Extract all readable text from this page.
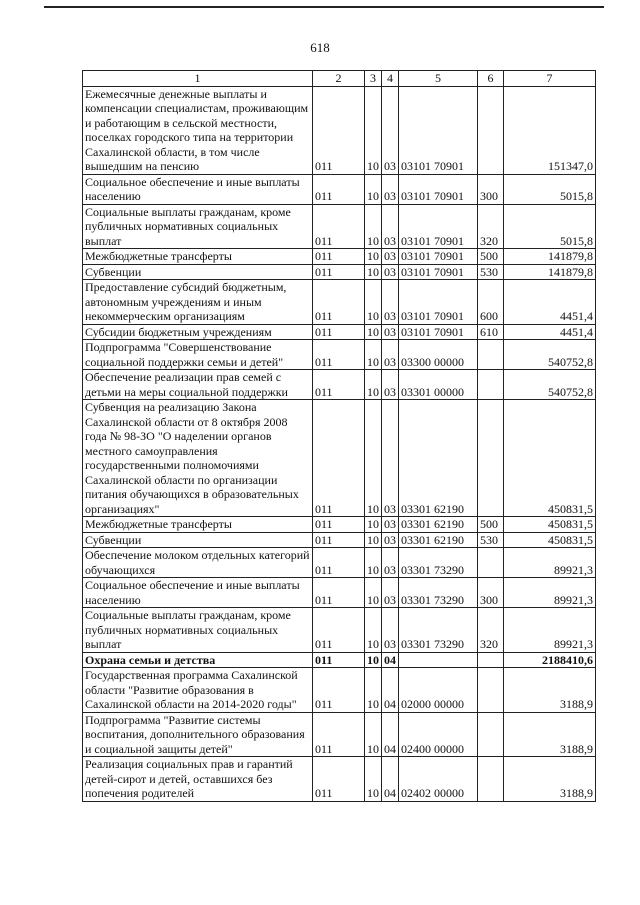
618
1	2	3	4	5	6	7
Ежемесячные денежные выплаты и компенсации специалистам, проживающим и работающим в сельской местности, поселках городского типа на территории Сахалинской области, в том числе вышедшим на пенсию	011	10	03	03101 70901		151347,0
Социальное обеспечение и иные выплаты населению	011	10	03	03101 70901	300	5015,8
Социальные выплаты гражданам, кроме публичных нормативных социальных выплат	011	10	03	03101 70901	320	5015,8
Межбюджетные трансферты	011	10	03	03101 70901	500	141879,8
Субвенции	011	10	03	03101 70901	530	141879,8
Предоставление субсидий бюджетным, автономным учреждениям и иным некоммерческим организациям	011	10	03	03101 70901	600	4451,4
Субсидии бюджетным учреждениям	011	10	03	03101 70901	610	4451,4
Подпрограмма "Совершенствование социальной поддержки семьи и детей"	011	10	03	03300 00000		540752,8
Обеспечение реализации прав семей с детьми на меры социальной поддержки	011	10	03	03301 00000		540752,8
Субвенция на реализацию Закона Сахалинской области от 8 октября 2008 года № 98-ЗО "О наделении органов местного самоуправления государственными полномочиями Сахалинской области по организации питания обучающихся в образовательных организациях"	011	10	03	03301 62190		450831,5
Межбюджетные трансферты	011	10	03	03301 62190	500	450831,5
Субвенции	011	10	03	03301 62190	530	450831,5
Обеспечение молоком отдельных категорий обучающихся	011	10	03	03301 73290		89921,3
Социальное обеспечение и иные выплаты населению	011	10	03	03301 73290	300	89921,3
Социальные выплаты гражданам, кроме публичных нормативных социальных выплат	011	10	03	03301 73290	320	89921,3
Охрана семьи и детства	011	10	04			2188410,6
Государственная программа Сахалинской области "Развитие образования в Сахалинской области на 2014-2020 годы"	011	10	04	02000 00000		3188,9
Подпрограмма "Развитие системы воспитания, дополнительного образования и социальной защиты детей"	011	10	04	02400 00000		3188,9
Реализация социальных прав и гарантий детей-сирот и детей, оставшихся без попечения родителей	011	10	04	02402 00000		3188,9
